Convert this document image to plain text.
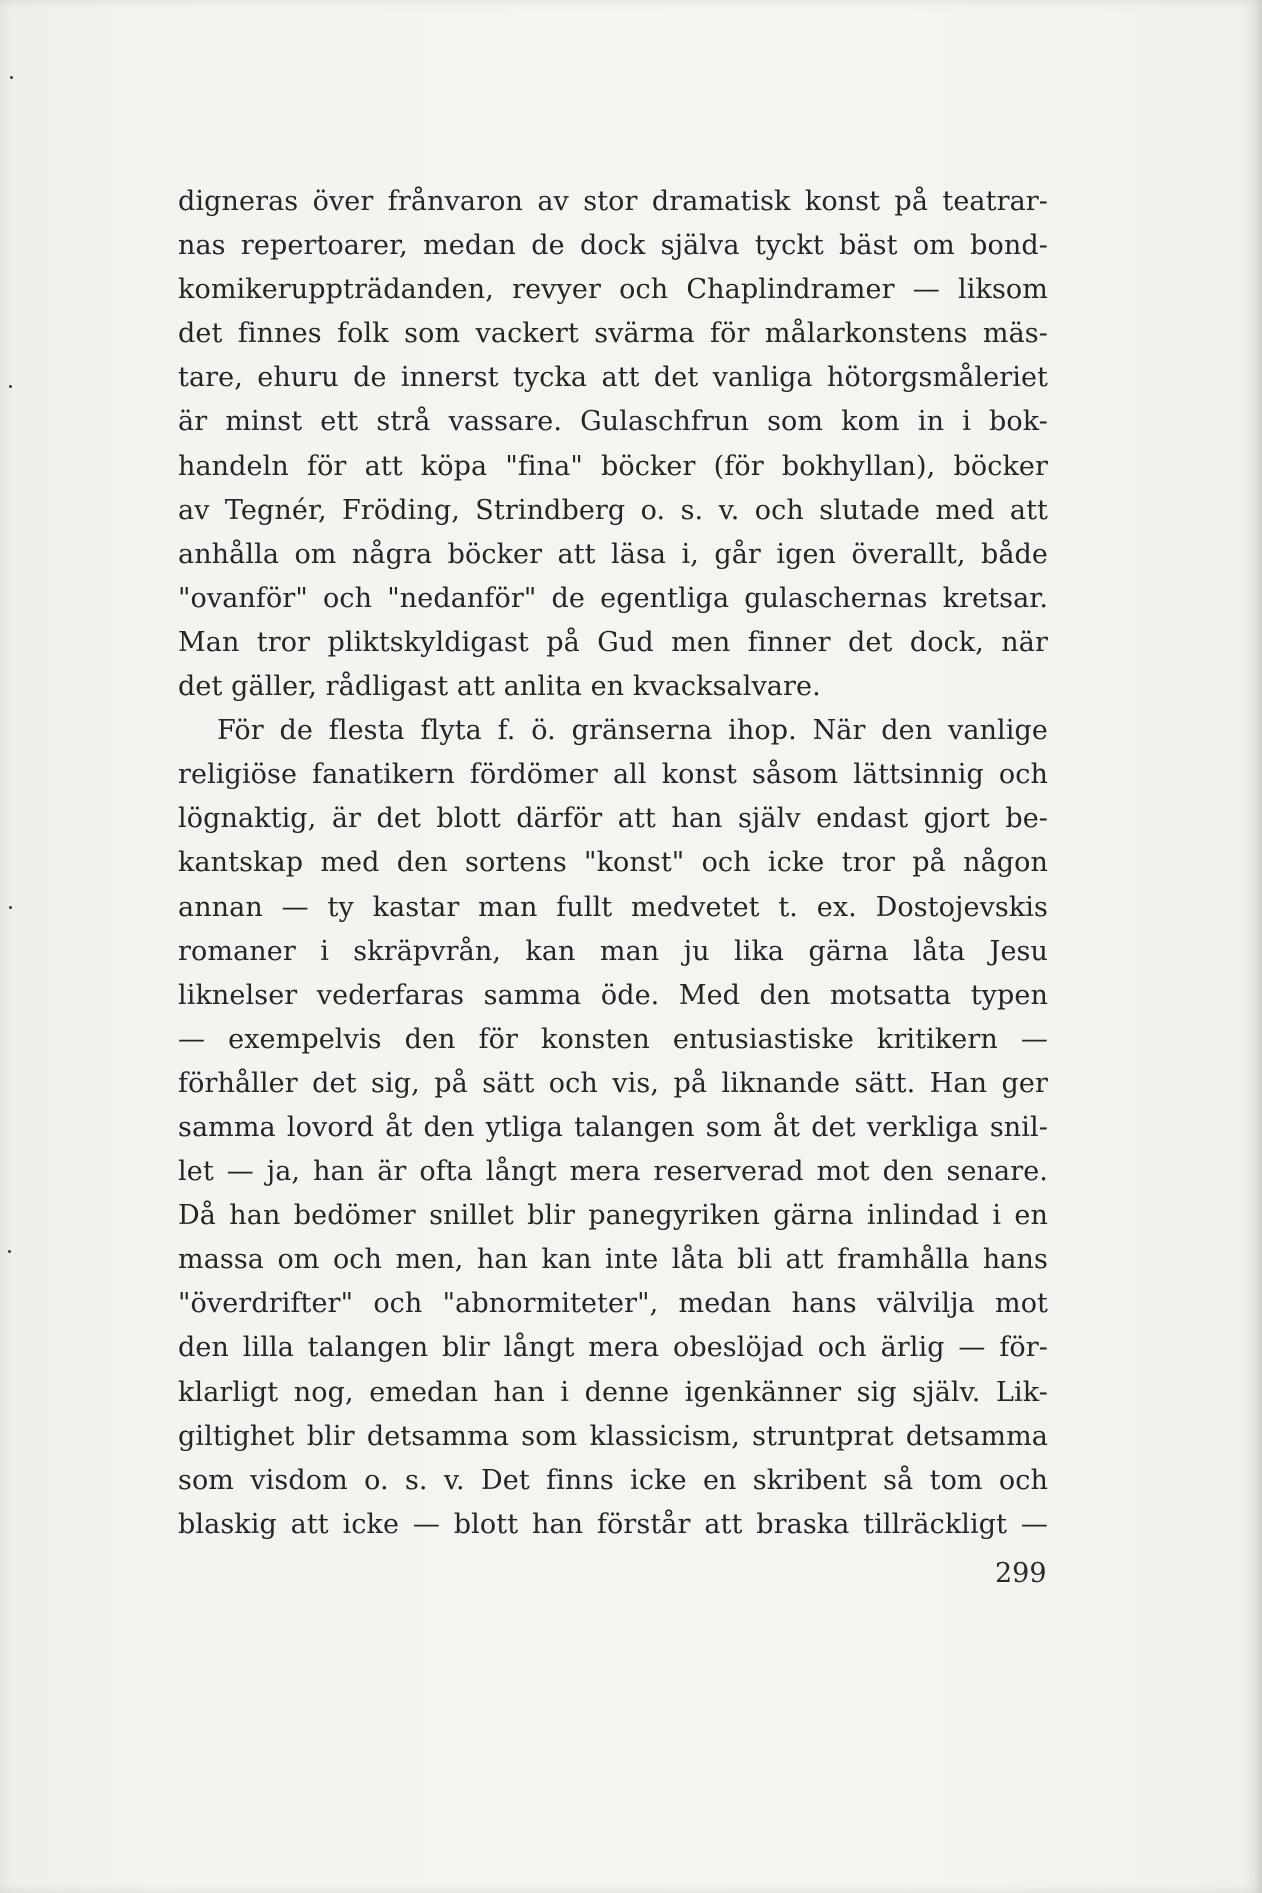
digneras över frånvaron av stor dramatisk konst på teatrar-
nas repertoarer, medan de dock själva tyckt bäst om bond-
komikeruppträdanden, revyer och Chaplindramer — liksom
det finnes folk som vackert svärma för målarkonstens mäs-
tare, ehuru de innerst tycka att det vanliga hötorgsmåleriet
är minst ett strå vassare. Gulaschfrun som kom in i bok-
handeln för att köpa "fina" böcker (för bokhyllan), böcker
av Tegnér, Fröding, Strindberg o. s. v. och slutade med att
anhålla om några böcker att läsa i, går igen överallt, både
"ovanför" och "nedanför" de egentliga gulaschernas kretsar.
Man tror pliktskyldigast på Gud men finner det dock, när
det gäller, rådligast att anlita en kvacksalvare.
För de flesta flyta f. ö. gränserna ihop. När den vanlige
religiöse fanatikern fördömer all konst såsom lättsinnig och
lögnaktig, är det blott därför att han själv endast gjort be-
kantskap med den sortens "konst" och icke tror på någon
annan — ty kastar man fullt medvetet t. ex. Dostojevskis
romaner i skräpvrån, kan man ju lika gärna låta Jesu
liknelser vederfaras samma öde. Med den motsatta typen
— exempelvis den för konsten entusiastiske kritikern —
förhåller det sig, på sätt och vis, på liknande sätt. Han ger
samma lovord åt den ytliga talangen som åt det verkliga snil-
let — ja, han är ofta långt mera reserverad mot den senare.
Då han bedömer snillet blir panegyriken gärna inlindad i en
massa om och men, han kan inte låta bli att framhålla hans
"överdrifter" och "abnormiteter", medan hans välvilja mot
den lilla talangen blir långt mera obeslöjad och ärlig — för-
klarligt nog, emedan han i denne igenkänner sig själv. Lik-
giltighet blir detsamma som klassicism, struntprat detsamma
som visdom o. s. v. Det finns icke en skribent så tom och
blaskig att icke — blott han förstår att braska tillräckligt —
299
